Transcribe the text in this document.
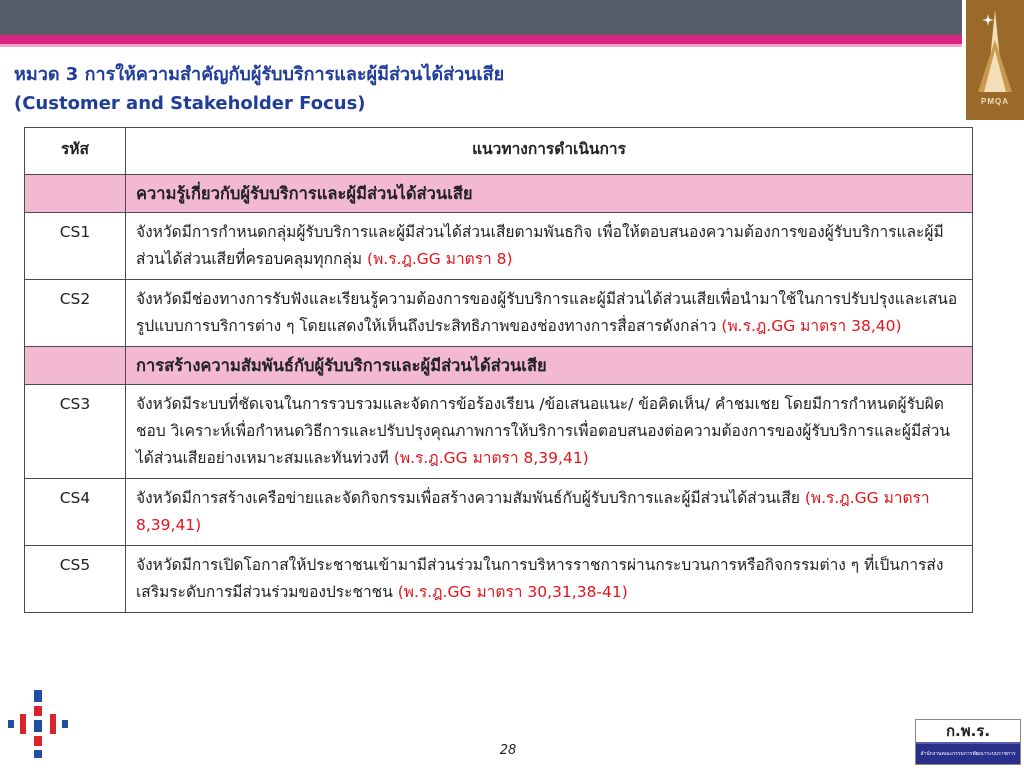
PMQA
หมวด 3 การให้ความสำคัญกับผู้รับบริการและผู้มีส่วนได้ส่วนเสีย
(Customer and Stakeholder Focus)
รหัส	แนวทางการดำเนินการ
	ความรู้เกี่ยวกับผู้รับบริการและผู้มีส่วนได้ส่วนเสีย
CS1	จังหวัดมีการกำหนดกลุ่มผู้รับบริการและผู้มีส่วนได้ส่วนเสียตามพันธกิจ เพื่อให้ตอบสนองความต้องการของผู้รับบริการและผู้มีส่วนได้ส่วนเสียที่ครอบคลุมทุกกลุ่ม (พ.ร.ฎ.GG มาตรา 8)
CS2	จังหวัดมีช่องทางการรับฟังและเรียนรู้ความต้องการของผู้รับบริการและผู้มีส่วนได้ส่วนเสียเพื่อนำมาใช้ในการปรับปรุงและเสนอรูปแบบการบริการต่าง ๆ โดยแสดงให้เห็นถึงประสิทธิภาพของช่องทางการสื่อสารดังกล่าว (พ.ร.ฎ.GG มาตรา 38,40)
	การสร้างความสัมพันธ์กับผู้รับบริการและผู้มีส่วนได้ส่วนเสีย
CS3	จังหวัดมีระบบที่ชัดเจนในการรวบรวมและจัดการข้อร้องเรียน /ข้อเสนอแนะ/ ข้อคิดเห็น/ คำชมเชย โดยมีการกำหนดผู้รับผิดชอบ วิเคราะห์เพื่อกำหนดวิธีการและปรับปรุงคุณภาพการให้บริการเพื่อตอบสนองต่อความต้องการของผู้รับบริการและผู้มีส่วนได้ส่วนเสียอย่างเหมาะสมและทันท่วงที (พ.ร.ฎ.GG มาตรา 8,39,41)
CS4	จังหวัดมีการสร้างเครือข่ายและจัดกิจกรรมเพื่อสร้างความสัมพันธ์กับผู้รับบริการและผู้มีส่วนได้ส่วนเสีย (พ.ร.ฎ.GG มาตรา 8,39,41)
CS5	จังหวัดมีการเปิดโอกาสให้ประชาชนเข้ามามีส่วนร่วมในการบริหารราชการผ่านกระบวนการหรือกิจกรรมต่าง ๆ ที่เป็นการส่งเสริมระดับการมีส่วนร่วมของประชาชน (พ.ร.ฎ.GG มาตรา 30,31,38-41)
28
ก.พ.ร.
สำนักงานคณะกรรมการพัฒนาระบบราชการ
